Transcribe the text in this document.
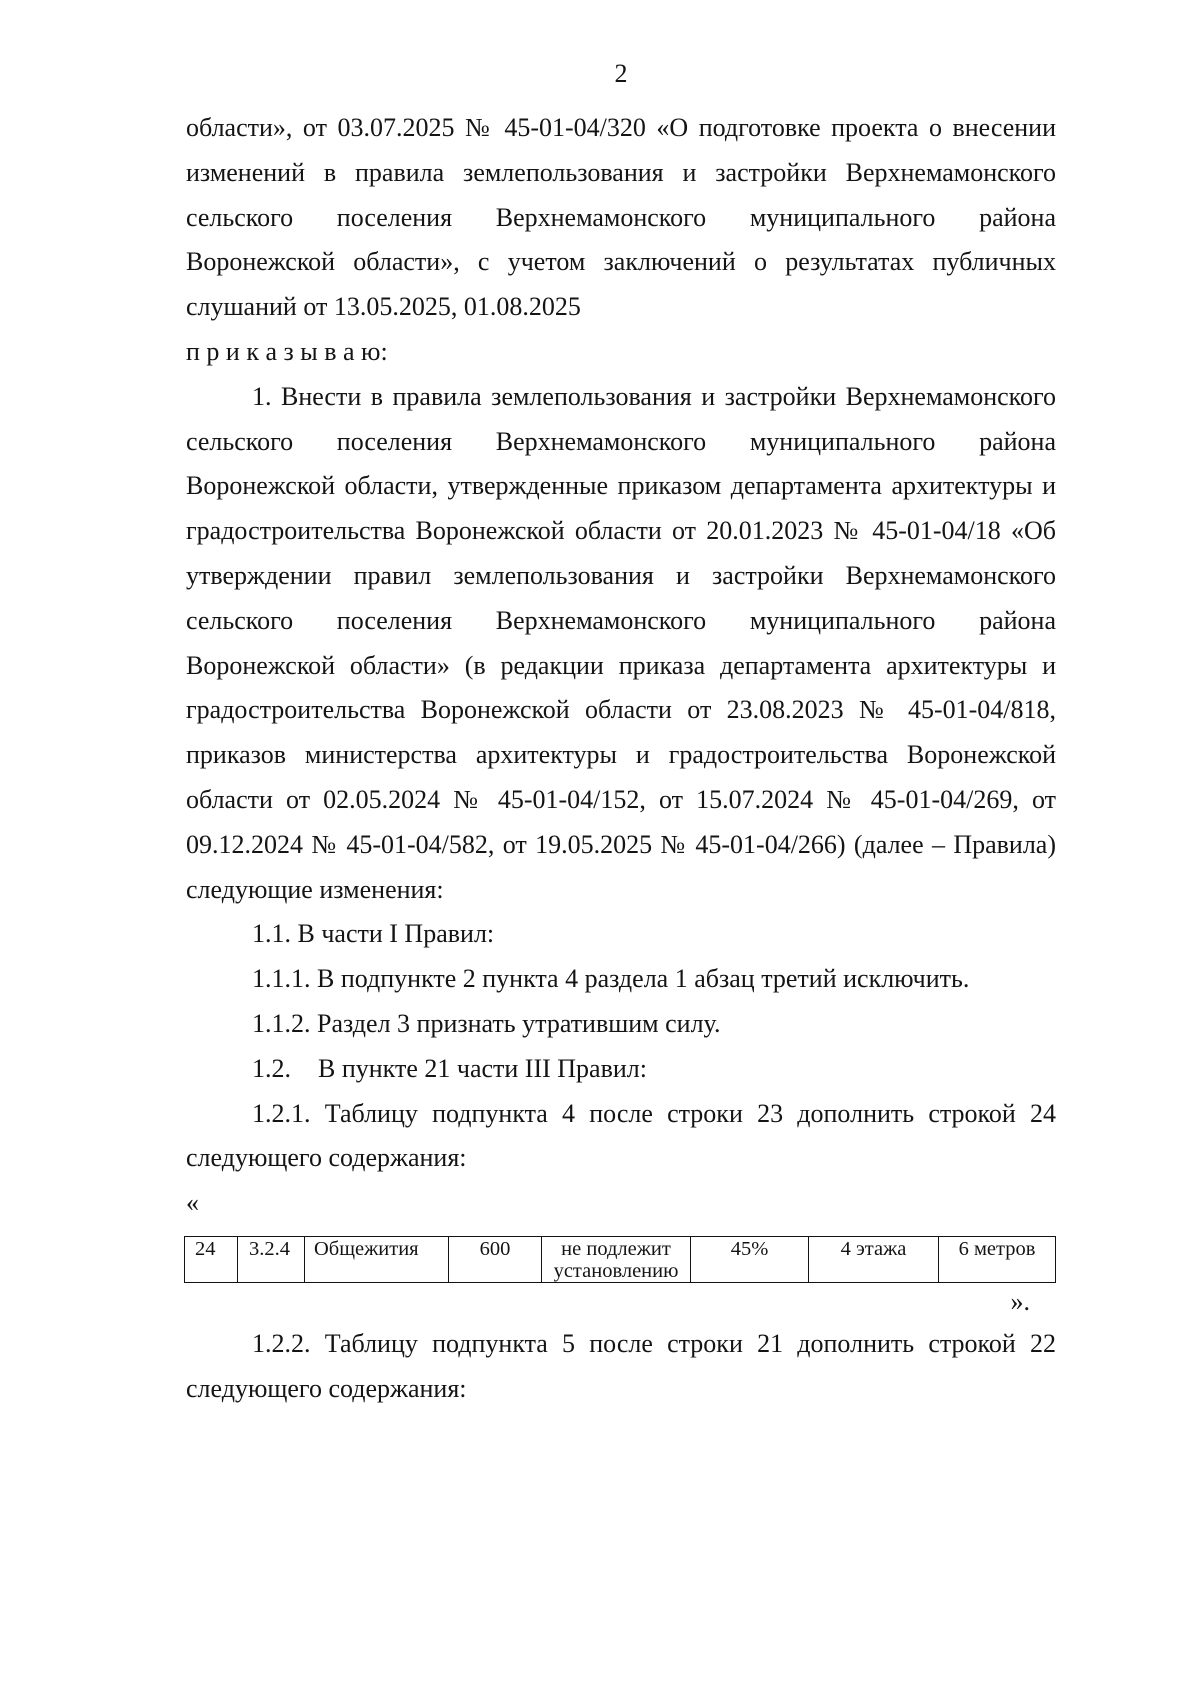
2
области», от 03.07.2025 № 45-01-04/320 «О подготовке проекта о внесении
изменений в правила землепользования и застройки Верхнемамонского
сельского поселения Верхнемамонского муниципального района
Воронежской области», с учетом заключений о результатах публичных
слушаний от 13.05.2025, 01.08.2025
п р и к а з ы в а ю:
1. Внести в правила землепользования и застройки Верхнемамонского
сельского поселения Верхнемамонского муниципального района
Воронежской области, утвержденные приказом департамента архитектуры и
градостроительства Воронежской области от 20.01.2023 № 45-01-04/18 «Об
утверждении правил землепользования и застройки Верхнемамонского
сельского поселения Верхнемамонского муниципального района
Воронежской области» (в редакции приказа департамента архитектуры и
градостроительства Воронежской области от 23.08.2023 № 45-01-04/818,
приказов министерства архитектуры и градостроительства Воронежской
области от 02.05.2024 № 45-01-04/152, от 15.07.2024 № 45-01-04/269, от
09.12.2024 № 45-01-04/582, от 19.05.2025 № 45-01-04/266) (далее – Правила)
следующие изменения:
1.1. В части I Правил:
1.1.1. В подпункте 2 пункта 4 раздела 1 абзац третий исключить.
1.1.2. Раздел 3 признать утратившим силу.
1.2. В пункте 21 части III Правил:
1.2.1. Таблицу подпункта 4 после строки 23 дополнить строкой 24
следующего содержания:
«
24	3.2.4	Общежития	600	не подлежит установлению	45%	4 этажа	6 метров
».
1.2.2. Таблицу подпункта 5 после строки 21 дополнить строкой 22
следующего содержания:
